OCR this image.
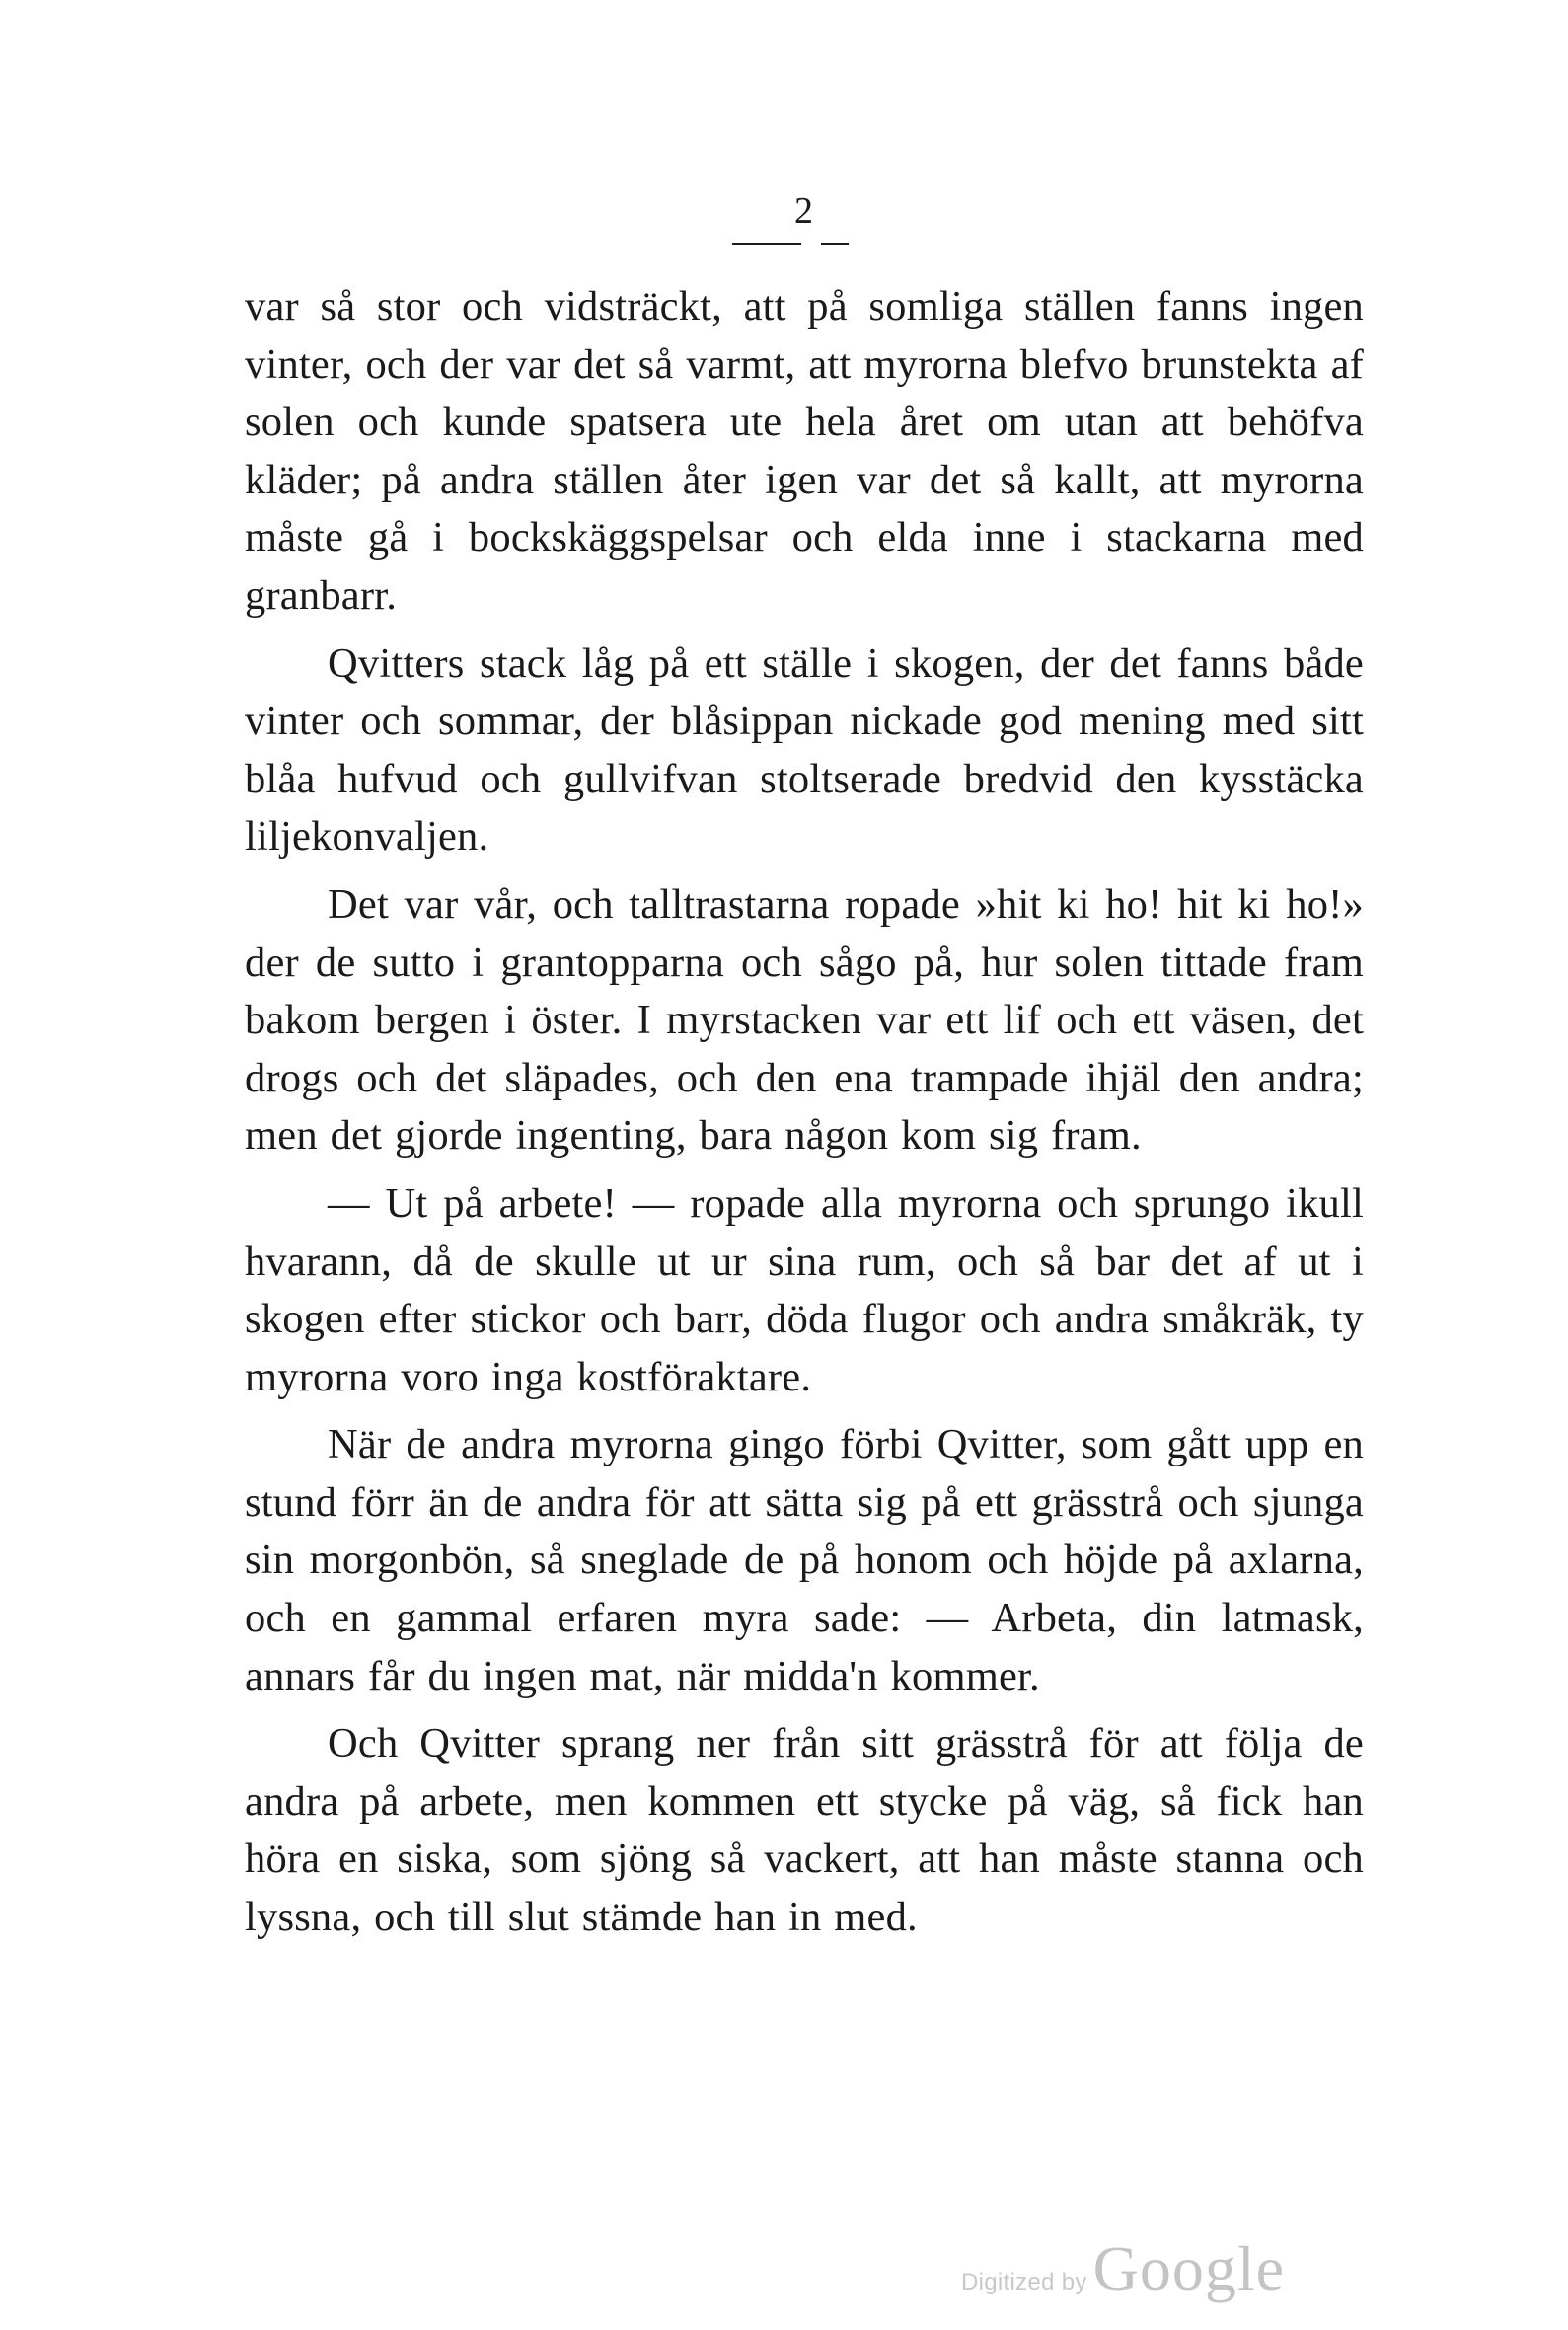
2

var så stor och vidsträckt, att på somliga ställen fanns ingen vinter, och der var det så varmt, att myrorna blefvo brunstekta af solen och kunde spatsera ute hela året om utan att behöfva kläder; på andra ställen åter igen var det så kallt, att myrorna måste gå i bockskäggspelsar och elda inne i stackarna med granbarr.

Qvitters stack låg på ett ställe i skogen, der det fanns både vinter och sommar, der blåsippan nickade god mening med sitt blåa hufvud och gullvifvan stoltserade bredvid den kysstäcka liljekonvaljen.

Det var vår, och talltrastarna ropade »hit ki ho! hit ki ho!» der de sutto i grantopparna och sågo på, hur solen tittade fram bakom bergen i öster. I myrstacken var ett lif och ett väsen, det drogs och det släpades, och den ena trampade ihjäl den andra; men det gjorde ingenting, bara någon kom sig fram.

— Ut på arbete! — ropade alla myrorna och sprungo ikull hvarann, då de skulle ut ur sina rum, och så bar det af ut i skogen efter stickor och barr, döda flugor och andra småkräk, ty myrorna voro inga kostföraktare.

När de andra myrorna gingo förbi Qvitter, som gått upp en stund förr än de andra för att sätta sig på ett grässtrå och sjunga sin morgonbön, så sneglade de på honom och höjde på axlarna, och en gammal erfaren myra sade: — Arbeta, din latmask, annars får du ingen mat, när midda'n kommer.

Och Qvitter sprang ner från sitt grässtrå för att följa de andra på arbete, men kommen ett stycke på väg, så fick han höra en siska, som sjöng så vackert, att han måste stanna och lyssna, och till slut stämde han in med.

Digitized by Google
